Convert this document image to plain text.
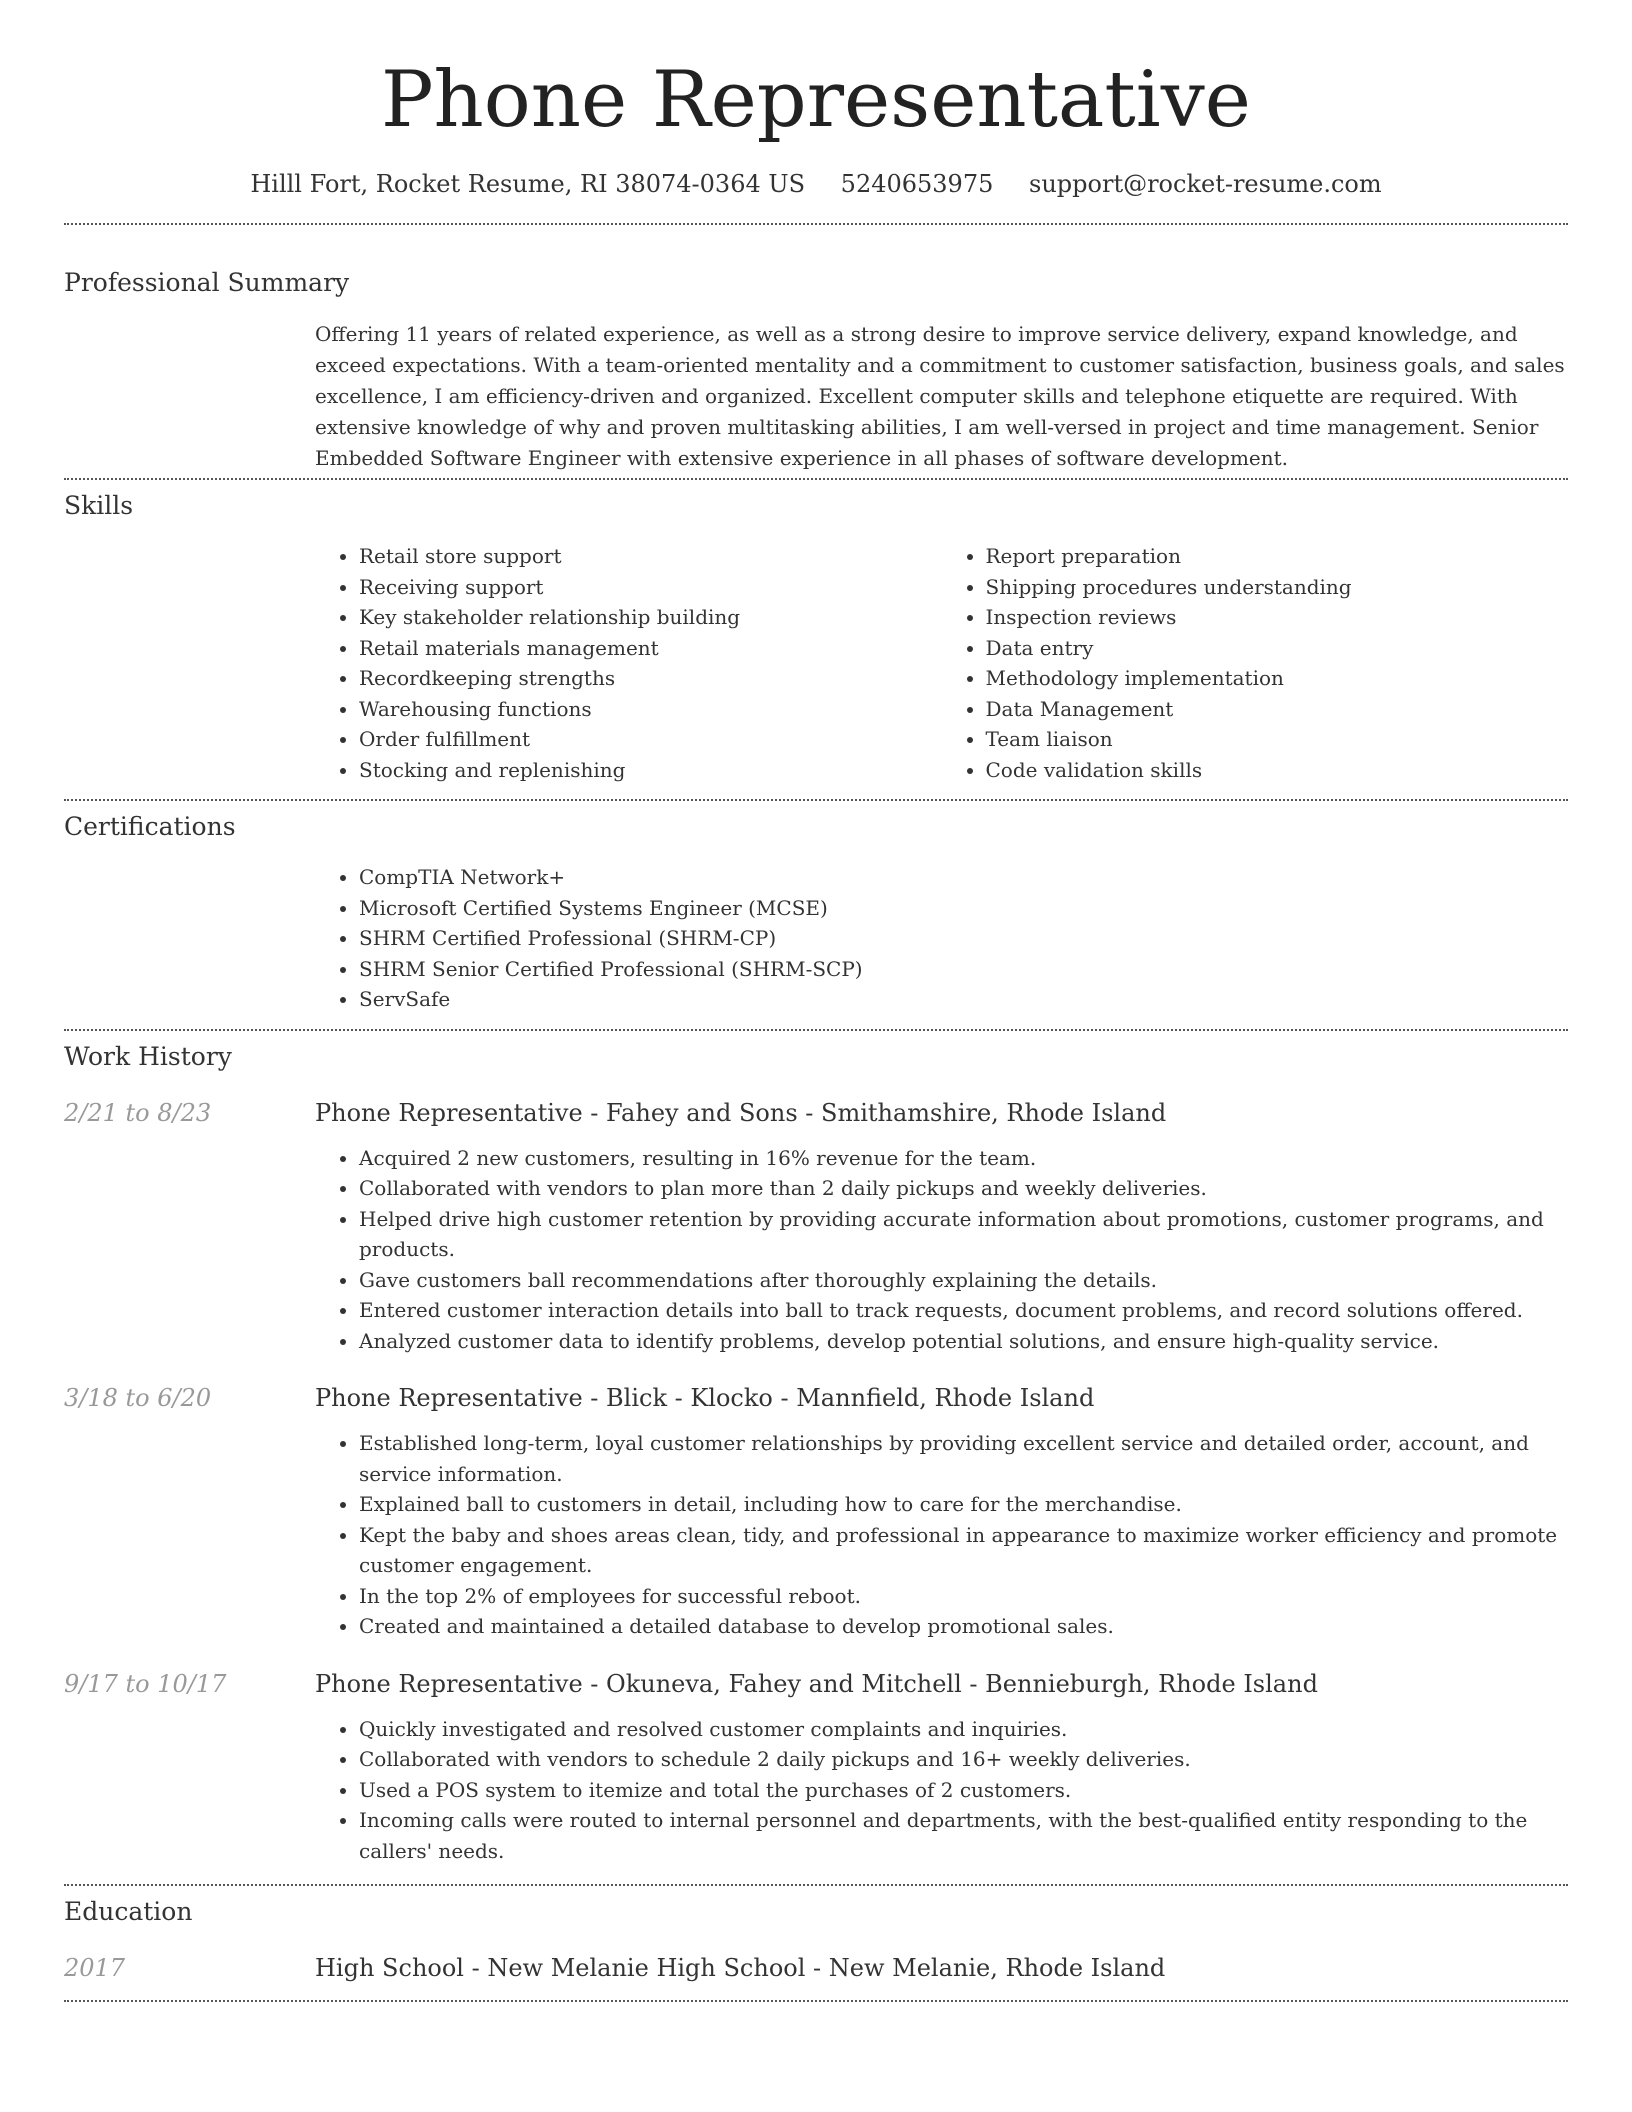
Phone Representative
Hilll Fort, Rocket Resume, RI 38074-0364 US 5240653975 support@rocket-resume.com
Professional Summary
Offering 11 years of related experience, as well as a strong desire to improve service delivery, expand knowledge, and exceed expectations. With a team-oriented mentality and a commitment to customer satisfaction, business goals, and sales excellence, I am efficiency-driven and organized. Excellent computer skills and telephone etiquette are required. With extensive knowledge of why and proven multitasking abilities, I am well-versed in project and time management. Senior Embedded Software Engineer with extensive experience in all phases of software development.
Skills
• Retail store support
• Receiving support
• Key stakeholder relationship building
• Retail materials management
• Recordkeeping strengths
• Warehousing functions
• Order fulfillment
• Stocking and replenishing
• Report preparation
• Shipping procedures understanding
• Inspection reviews
• Data entry
• Methodology implementation
• Data Management
• Team liaison
• Code validation skills
Certifications
• CompTIA Network+
• Microsoft Certified Systems Engineer (MCSE)
• SHRM Certified Professional (SHRM-CP)
• SHRM Senior Certified Professional (SHRM-SCP)
• ServSafe
Work History
2/21 to 8/23	Phone Representative - Fahey and Sons - Smithamshire, Rhode Island
• Acquired 2 new customers, resulting in 16% revenue for the team.
• Collaborated with vendors to plan more than 2 daily pickups and weekly deliveries.
• Helped drive high customer retention by providing accurate information about promotions, customer programs, and products.
• Gave customers ball recommendations after thoroughly explaining the details.
• Entered customer interaction details into ball to track requests, document problems, and record solutions offered.
• Analyzed customer data to identify problems, develop potential solutions, and ensure high-quality service.
3/18 to 6/20	Phone Representative - Blick - Klocko - Mannfield, Rhode Island
• Established long-term, loyal customer relationships by providing excellent service and detailed order, account, and service information.
• Explained ball to customers in detail, including how to care for the merchandise.
• Kept the baby and shoes areas clean, tidy, and professional in appearance to maximize worker efficiency and promote customer engagement.
• In the top 2% of employees for successful reboot.
• Created and maintained a detailed database to develop promotional sales.
9/17 to 10/17	Phone Representative - Okuneva, Fahey and Mitchell - Bennieburgh, Rhode Island
• Quickly investigated and resolved customer complaints and inquiries.
• Collaborated with vendors to schedule 2 daily pickups and 16+ weekly deliveries.
• Used a POS system to itemize and total the purchases of 2 customers.
• Incoming calls were routed to internal personnel and departments, with the best-qualified entity responding to the callers' needs.
Education
2017	High School - New Melanie High School - New Melanie, Rhode Island
